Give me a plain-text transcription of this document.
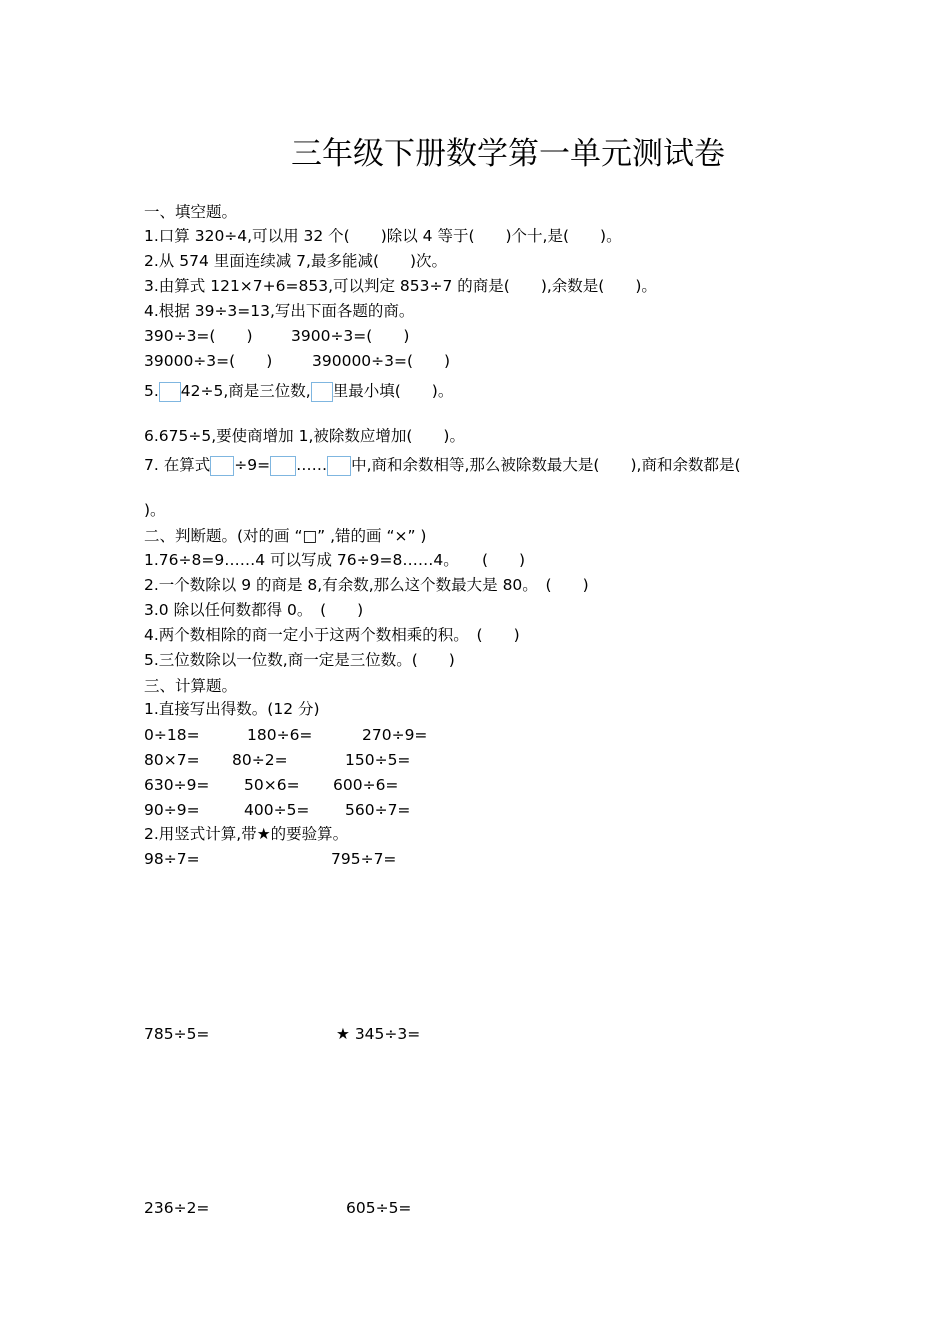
三年级下册数学第一单元测试卷
一、填空题。
1.口算 320÷4,可以用 32 个(　　)除以 4 等于(　　)个十,是(　　)。
2.从 574 里面连续减 7,最多能减(　　)次。
3.由算式 121×7+6=853,可以判定 853÷7 的商是(　　),余数是(　　)。
4.根据 39÷3=13,写出下面各题的商。
390÷3=(　　) 3900÷3=(　　)
39000÷3=(　　)	390000÷3=(　　)
5. 42÷5,商是三位数, 里最小填(　　)。
6.675÷5,要使商增加 1,被除数应增加(　　)。
7. 在算式 ÷9= …… 中,商和余数相等,那么被除数最大是(　　),商和余数都是(
)。
二、判断题。(对的画 “□” ,错的画 “×” )
1.76÷8=9……4 可以写成 76÷9=8……4。　　(　　)
2.一个数除以 9 的商是 8,有余数,那么这个数最大是 80。　(　　)
3.0 除以任何数都得 0。　(　　)
4.两个数相除的商一定小于这两个数相乘的积。　(　　)
5.三位数除以一位数,商一定是三位数。(　　)
三、计算题。
1.直接写出得数。(12 分)
0÷18=	180÷6=	270÷9=
80×7= 80÷2=	150÷5=
630÷9= 50×6= 600÷6=
90÷9=	400÷5= 560÷7=
2.用竖式计算,带★的要验算。
98÷7=	795÷7=
785÷5=	★ 345÷3=
236÷2=	605÷5=
